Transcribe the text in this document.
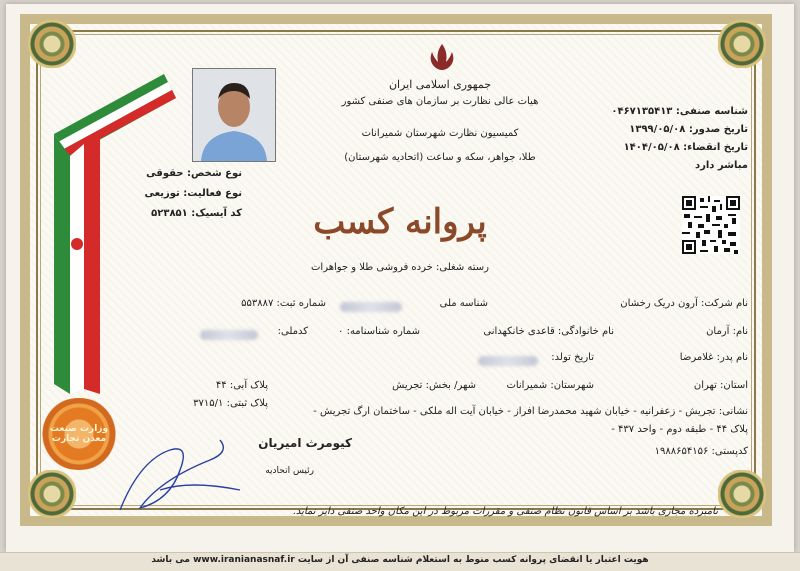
جمهوری اسلامی ایران
هیات عالی نظارت بر سازمان های صنفی کشور
کمیسیون نظارت شهرستان شمیرانات
طلا، جواهر، سکه و ساعت (اتحادیه شهرستان)
شناسه صنفی: ۰۴۶۷۱۳۵۴۱۳
تاریخ صدور: ۱۳۹۹/۰۵/۰۸
تاریخ انقضاء: ۱۴۰۴/۰۵/۰۸
مباشر دارد
نوع شخص: حقوقی
نوع فعالیت: توزیعی
کد آیسیک: ۵۲۳۸۵۱	پروانه کسب
رسته شغلی: خرده فروشی طلا و جواهرات
نام شرکت: آرون دریک رخشان
شناسه ملی
شماره ثبت: ۵۵۳۸۸۷
نام: آرمان
نام خانوادگی: قاعدی خانکهدانی
شماره شناسنامه: ۰
کدملی:
نام پدر: غلامرضا
تاریخ تولد:
استان: تهران
شهرستان: شمیرانات
شهر/ بخش: تجریش
پلاک آبی: ۴۴
پلاک ثبتی: ۳۷۱۵/۱
نشانی: تجریش - زعفرانیه - خیابان شهید محمدرضا افراز - خیابان آیت اله ملکی - ساختمان ارگ تجریش -
پلاک ۴۴ - طبقه دوم - واحد ۴۳۷ -
کدپستی: ۱۹۸۸۶۵۴۱۵۶
کیومرث امیریان
رئیس اتحادیه
وزارت صنعت معدن تجارت
نامبرده مجازی باشد بر اساس قانون نظام صنفی و مقررات مربوط در این مکان واحد صنفی دایر نماید.
هویت اعتبار یا انقضای پروانه کسب منوط به استعلام شناسه صنفی آن از سایت www.iranianasnaf.ir می باشد
